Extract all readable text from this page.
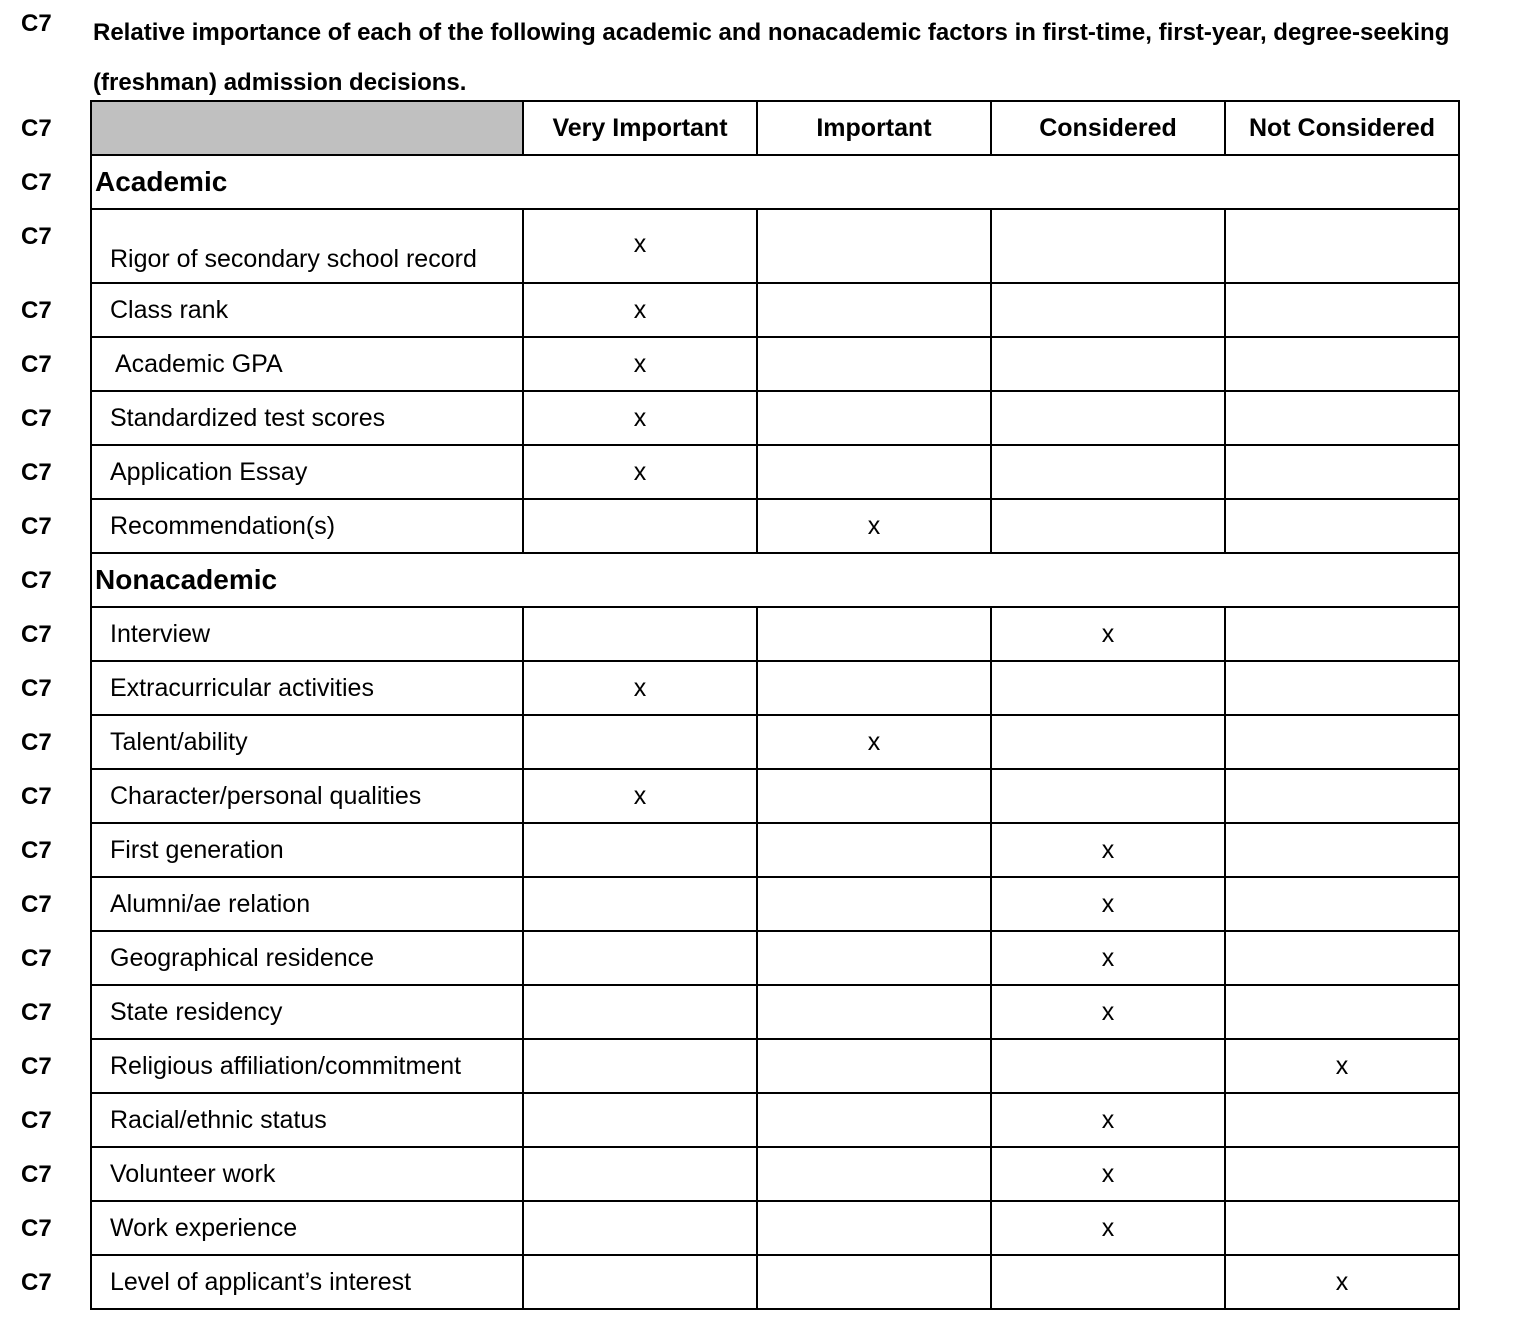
C7 Relative importance of each of the following academic and nonacademic factors in first-time, first-year, degree-seeking (freshman) admission decisions.
C7
C7
C7
C7
C7
C7
C7
C7
C7
C7
C7
C7
C7
C7
C7
C7
C7
C7
C7
C7
C7
C7
	Very Important	Important	Considered	Not Considered
Academic				
Rigor of secondary school record	x			
Class rank	x			
Academic GPA	x			
Standardized test scores	x			
Application Essay	x			
Recommendation(s)		x		
Nonacademic				
Interview			x	
Extracurricular activities	x			
Talent/ability		x		
Character/personal qualities	x			
First generation			x	
Alumni/ae relation			x	
Geographical residence			x	
State residency			x	
Religious affiliation/commitment				x
Racial/ethnic status			x	
Volunteer work			x	
Work experience			x	
Level of applicant’s interest				x
